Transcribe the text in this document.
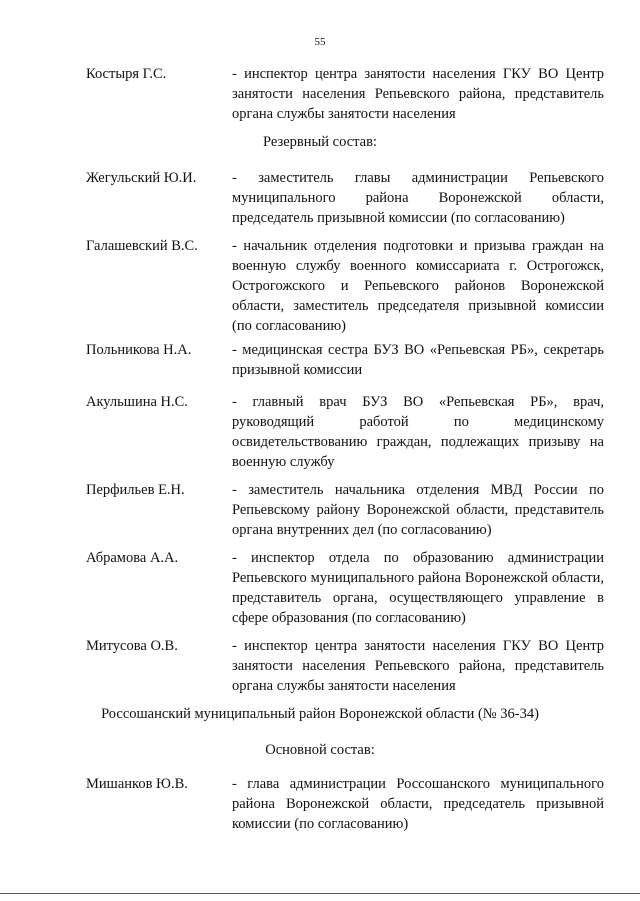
55
Костыря Г.С.	- инспектор центра занятости населения ГКУ ВО Центр занятости населения Репьевского района, представитель органа службы занятости населения
Резервный состав:
Жегульский Ю.И.	- заместитель главы администрации Репьевского муниципального района Воронежской области, председатель призывной комиссии (по согласованию)
Галашевский В.С.	- начальник отделения подготовки и призыва граждан на военную службу военного комиссариата г. Острогожск, Острогожского и Репьевского районов Воронежской области, заместитель председателя призывной комиссии (по согласованию)
Польникова Н.А.	- медицинская сестра БУЗ ВО «Репьевская РБ», секретарь призывной комиссии
Акульшина Н.С.	- главный врач БУЗ ВО «Репьевская РБ», врач, руководящий работой по медицинскому освидетельствованию граждан, подлежащих призыву на военную службу
Перфильев Е.Н.	- заместитель начальника отделения МВД России по Репьевскому району Воронежской области, представитель органа внутренних дел (по согласованию)
Абрамова А.А.	- инспектор отдела по образованию администрации Репьевского муниципального района Воронежской области, представитель органа, осуществляющего управление в сфере образования (по согласованию)
Митусова О.В.	- инспектор центра занятости населения ГКУ ВО Центр занятости населения Репьевского района, представитель органа службы занятости населения
Россошанский муниципальный район Воронежской области (№ 36-34)
Основной состав:
Мишанков Ю.В.	- глава администрации Россошанского муниципального района Воронежской области, председатель призывной комиссии (по согласованию)
